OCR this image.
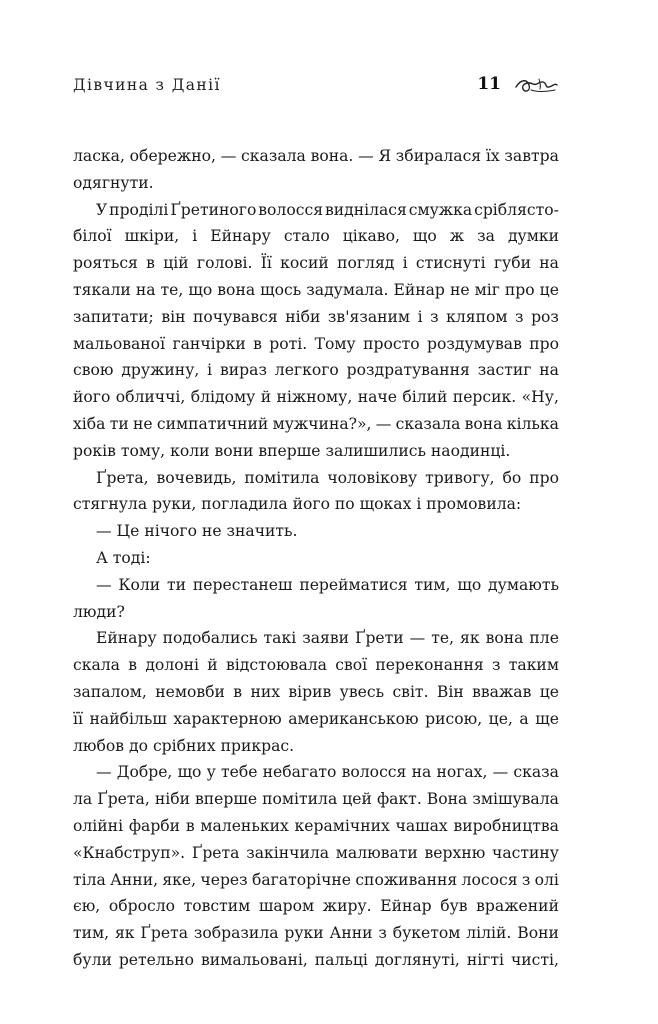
Дівчина з Данії	11
ласка, обережно, — сказала вона. — Я збиралася їх завтра
одягнути.
У проділі Ґретиного волосся виднілася смужка сріблясто-
білої шкіри, і Ейнару стало цікаво, що ж за думки
рояться в цій голові. Її косий погляд і стиснуті губи на
тякали на те, що вона щось задумала. Ейнар не міг про це
запитати; він почувався ніби зв'язаним і з кляпом з роз
мальованої ганчірки в роті. Тому просто роздумував про
свою дружину, і вираз легкого роздратування застиг на
його обличчі, блідому й ніжному, наче білий персик. «Ну,
хіба ти не симпатичний мужчина?», — сказала вона кілька
років тому, коли вони вперше залишились наодинці.
Ґрета, вочевидь, помітила чоловікову тривогу, бо про
стягнула руки, погладила його по щоках і промовила:
— Це нічого не значить.
А тоді:
— Коли ти перестанеш перейматися тим, що думають
люди?
Ейнару подобались такі заяви Ґрети — те, як вона пле
скала в долоні й відстоювала свої переконання з таким
запалом, немовби в них вірив увесь світ. Він вважав це
її найбільш характерною американською рисою, це, а ще
любов до срібних прикрас.
— Добре, що у тебе небагато волосся на ногах, — сказа
ла Ґрета, ніби вперше помітила цей факт. Вона змішувала
олійні фарби в маленьких керамічних чашах виробництва
«Кнабструп». Ґрета закінчила малювати верхню частину
тіла Анни, яке, через багаторічне споживання лосося з олі
єю, обросло товстим шаром жиру. Ейнар був вражений
тим, як Ґрета зобразила руки Анни з букетом лілій. Вони
були ретельно вимальовані, пальці доглянуті, нігті чисті,
